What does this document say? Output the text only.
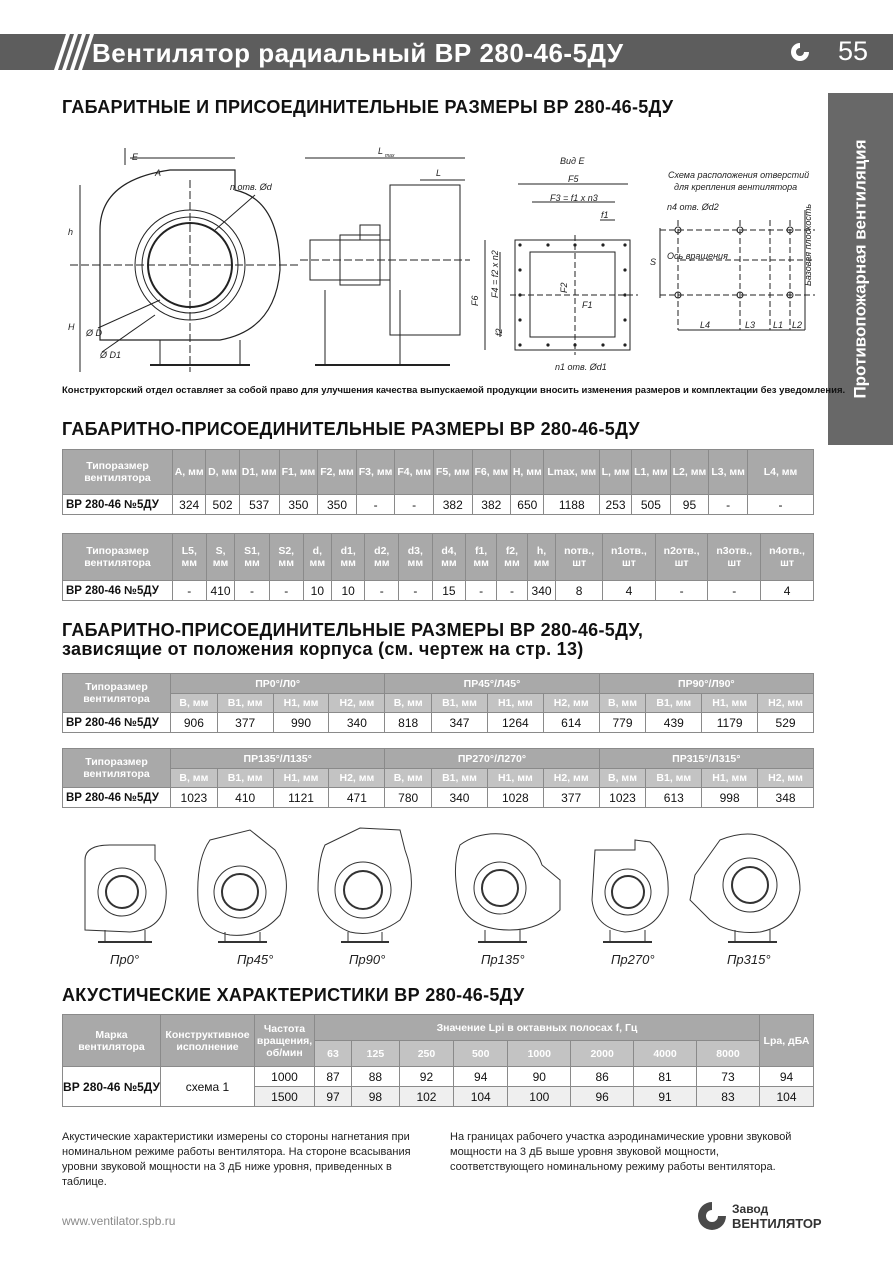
Вентилятор радиальный ВР 280-46-5ДУ	55
Противопожарная вентиляция
ГАБАРИТНЫЕ И ПРИСОЕДИНИТЕЛЬНЫЕ РАЗМЕРЫ ВР 280-46-5ДУ
E
A
n отв. Ød
h
H
Ø D
Ø D1
L max
L
Вид Е
F5
F3 = f1 x n3
f1
F6
F4 = f2 x n2	F2
F1
f2
n1 отв. Ød1
Схема расположения отверстий
для крепления вентилятора
n4 отв. Ød2
S
Ось вращения	Базовая плоскость
L4	L3 L1 L2
Конструкторский отдел оставляет за собой право для улучшения качества выпускаемой продукции вносить изменения размеров и комплектации без уведомления.
ГАБАРИТНО-ПРИСОЕДИНИТЕЛЬНЫЕ РАЗМЕРЫ ВР 280-46-5ДУ
Типоразмер вентилятора	A, мм	D, мм	D1, мм	F1, мм	F2, мм	F3, мм	F4, мм	F5, мм	F6, мм	H, мм	Lmax, мм	L, мм	L1, мм	L2, мм	L3, мм	L4, мм
ВР 280-46 №5ДУ	324	502	537	350	350	-	-	382	382	650	1188	253	505	95	-	-
Типоразмер вентилятора	L5, мм	S, мм	S1, мм	S2, мм	d, мм	d1, мм	d2, мм	d3, мм	d4, мм	f1, мм	f2, мм	h, мм	nотв., шт	n1отв., шт	n2отв., шт	n3отв., шт	n4отв., шт
ВР 280-46 №5ДУ	-	410	-	-	10	10	-	-	15	-	-	340	8	4	-	-	4
ГАБАРИТНО-ПРИСОЕДИНИТЕЛЬНЫЕ РАЗМЕРЫ ВР 280-46-5ДУ,
зависящие от положения корпуса (см. чертеж на стр. 13)
Типоразмер вентилятора	ПР0°/Л0°				ПР45°/Л45°				ПР90°/Л90°			
	B, мм	B1, мм	H1, мм	H2, мм	B, мм	B1, мм	H1, мм	H2, мм	B, мм	B1, мм	H1, мм	H2, мм
ВР 280-46 №5ДУ	906	377	990	340	818	347	1264	614	779	439	1179	529
Типоразмер вентилятора	ПР135°/Л135°				ПР270°/Л270°				ПР315°/Л315°			
	B, мм	B1, мм	H1, мм	H2, мм	B, мм	B1, мм	H1, мм	H2, мм	B, мм	B1, мм	H1, мм	H2, мм
ВР 280-46 №5ДУ	1023	410	1121	471	780	340	1028	377	1023	613	998	348
Пр0°	Пр45°	Пр90°	Пр135°	Пр270°	Пр315°
АКУСТИЧЕСКИЕ ХАРАКТЕРИСТИКИ ВР 280-46-5ДУ
Марка вентилятора	Конструктивное исполнение	Частота вращения, об/мин	Значение Lpi в октавных полосах f, Гц								Lpa, дБА
			63	125	250	500	1000	2000	4000	8000	
ВР 280-46 №5ДУ	схема 1	1000	87	88	92	94	90	86	81	73	94
		1500	97	98	102	104	100	96	91	83	104
Акустические характеристики измерены со стороны нагнетания при номинальном режиме работы вентилятора. На стороне всасывания уровни звуковой мощности на 3 дБ ниже уровня, приведенных в таблице.
На границах рабочего участка аэродинамические уровни звуковой мощности на 3 дБ выше уровня звуковой мощности, соответствующего номинальному режиму работы вентилятора.
www.ventilator.spb.ru
Завод
ВЕНТИЛЯТОР
